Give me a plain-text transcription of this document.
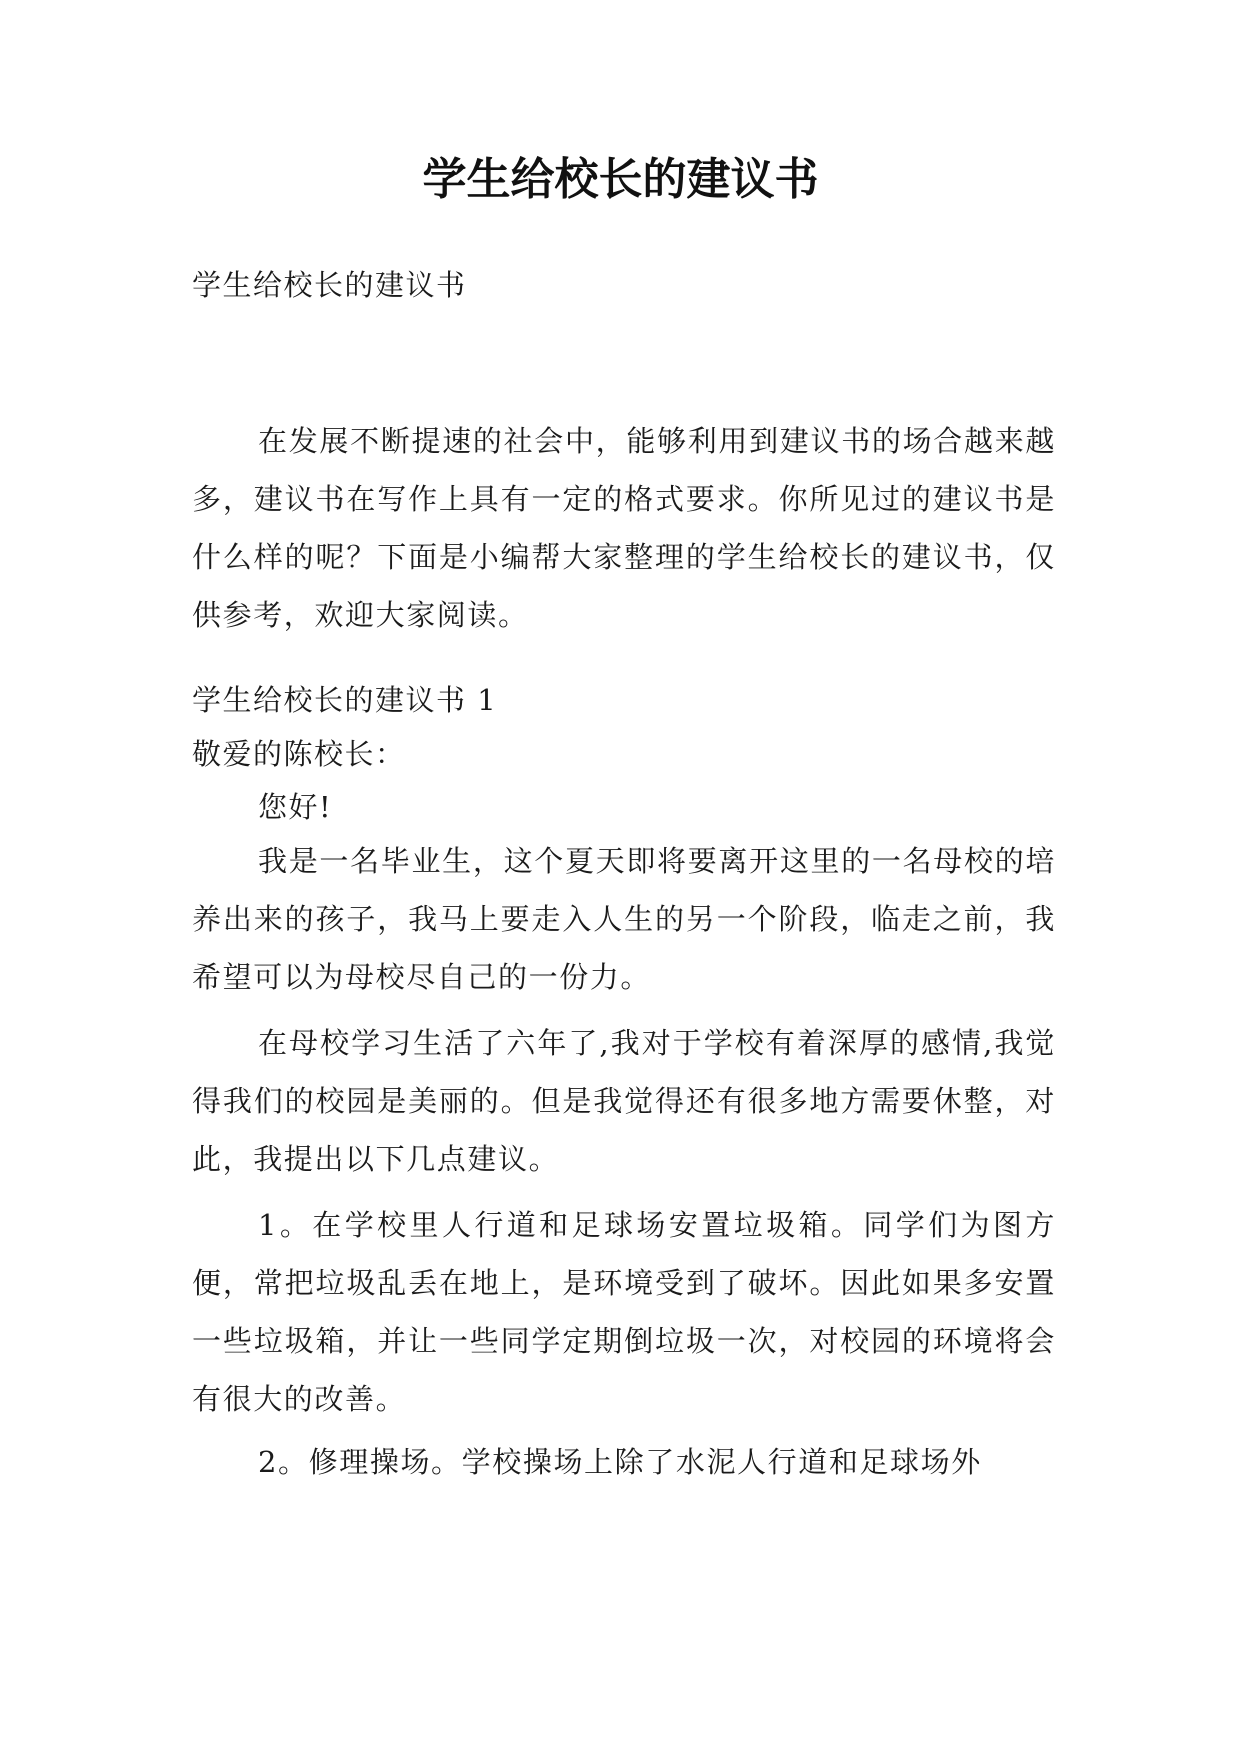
学生给校长的建议书

学生给校长的建议书

在发展不断提速的社会中，能够利用到建议书的场合越来越多，建议书在写作上具有一定的格式要求。你所见过的建议书是什么样的呢？下面是小编帮大家整理的学生给校长的建议书，仅供参考，欢迎大家阅读。

学生给校长的建议书 1

敬爱的陈校长：

您好!

我是一名毕业生，这个夏天即将要离开这里的一名母校的培养出来的孩子，我马上要走入人生的另一个阶段，临走之前，我希望可以为母校尽自己的一份力。

在母校学习生活了六年了,我对于学校有着深厚的感情,我觉得我们的校园是美丽的。但是我觉得还有很多地方需要休整，对此，我提出以下几点建议。

1。在学校里人行道和足球场安置垃圾箱。同学们为图方便，常把垃圾乱丢在地上，是环境受到了破坏。因此如果多安置一些垃圾箱，并让一些同学定期倒垃圾一次，对校园的环境将会有很大的改善。

2。修理操场。学校操场上除了水泥人行道和足球场外
